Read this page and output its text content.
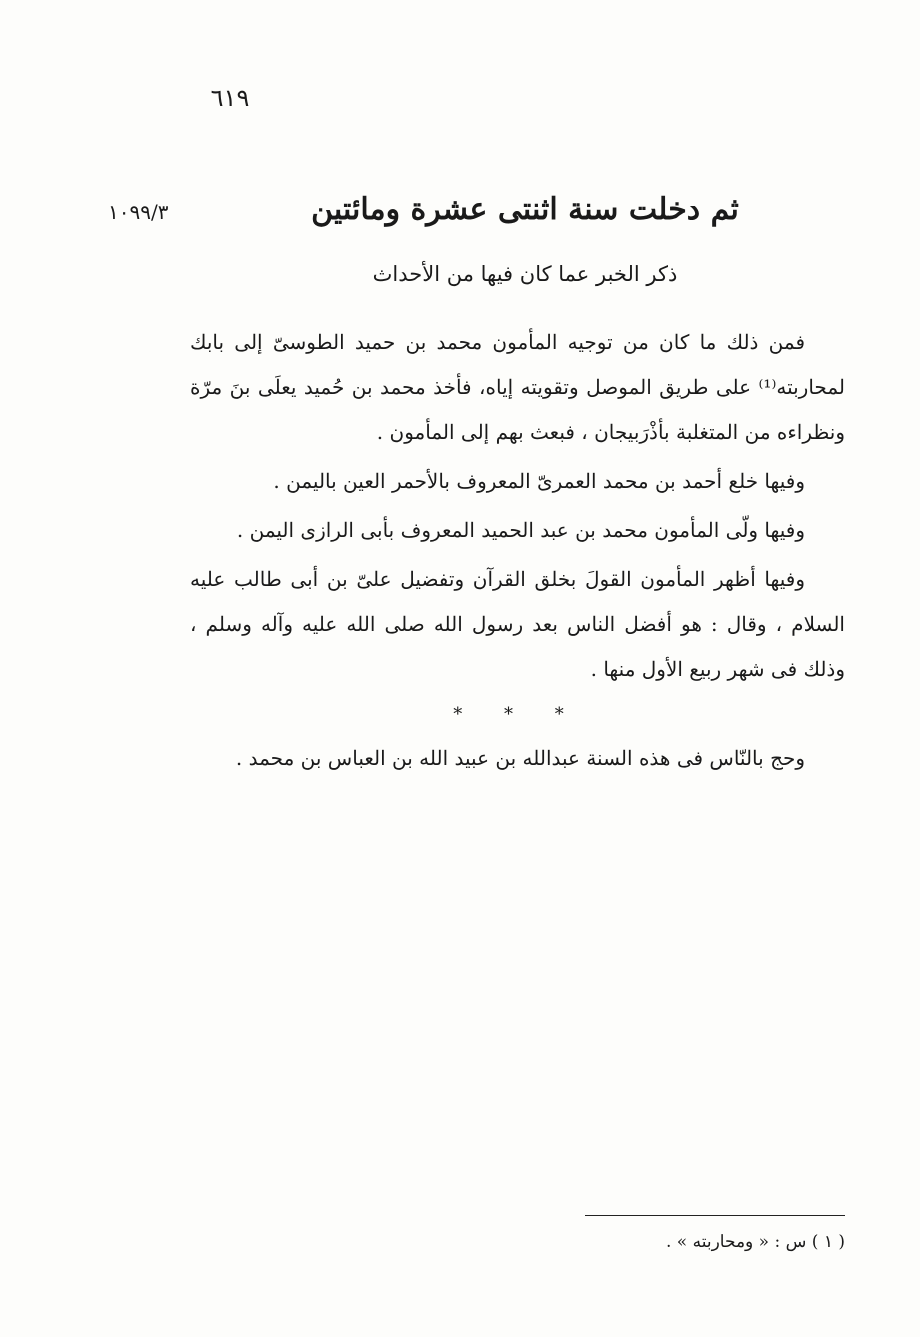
٦١٩
١٠٩٩/٣	ثم دخلت سنة اثنتى عشرة ومائتين
ذكر الخبر عما كان فيها من الأحداث

فمن ذلك ما كان من توجيه المأمون محمد بن حميد الطوسىّ إلى بابك لمحاربته⁽¹⁾ على طريق الموصل وتقويته إياه، فأخذ محمد بن حُميد يعلَى بنَ مرّة ونظراءه من المتغلبة بأذْرَبيجان ، فبعث بهم إلى المأمون .

وفيها خلع أحمد بن محمد العمرىّ المعروف بالأحمر العين باليمن .

وفيها ولّى المأمون محمد بن عبد الحميد المعروف بأبى الرازى اليمن .

وفيها أظهر المأمون القولَ بخلق القرآن وتفضيل علىّ بن أبى طالب عليه السلام ، وقال : هو أفضل الناس بعد رسول الله صلى الله عليه وآله وسلم ، وذلك فى شهر ربيع الأول منها .

* * *

وحج بالنّاس فى هذه السنة عبدالله بن عبيد الله بن العباس بن محمد .

( ١ ) س : « ومحاربته » .
